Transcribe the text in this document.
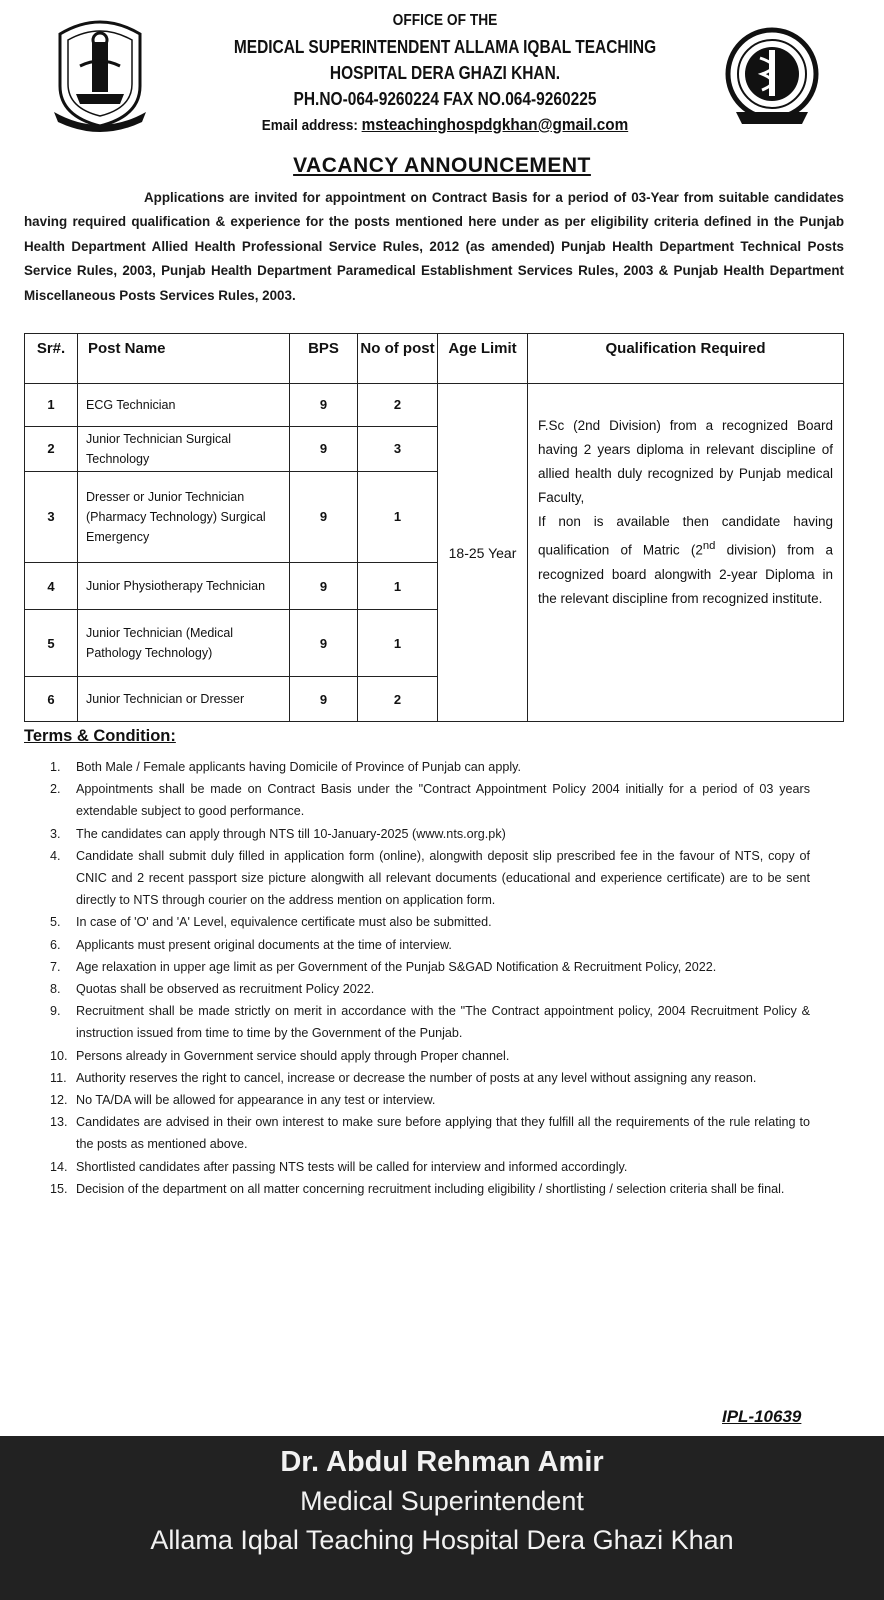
OFFICE OF THE
MEDICAL SUPERINTENDENT ALLAMA IQBAL TEACHING
HOSPITAL DERA GHAZI KHAN.
PH.NO-064-9260224 FAX NO.064-9260225
Email address: msteachinghospdgkhan@gmail.com
VACANCY ANNOUNCEMENT
Applications are invited for appointment on Contract Basis for a period of 03-Year from suitable candidates having required qualification & experience for the posts mentioned here under as per eligibility criteria defined in the Punjab Health Department Allied Health Professional Service Rules, 2012 (as amended) Punjab Health Department Technical Posts Service Rules, 2003, Punjab Health Department Paramedical Establishment Services Rules, 2003 & Punjab Health Department Miscellaneous Posts Services Rules, 2003.
Sr#.	Post Name	BPS	No of post	Age Limit	Qualification Required
1	ECG Technician	9	2	18-25 Year	F.Sc (2nd Division) from a recognized Board having 2 years diploma in relevant discipline of allied health duly recognized by Punjab medical Faculty,
If non is available then candidate having qualification of Matric (2nd division) from a recognized board alongwith 2-year Diploma in the relevant discipline from recognized institute.

2	Junior Technician Surgical Technology	9	3		
3	Dresser or Junior Technician (Pharmacy Technology) Surgical Emergency	9	1		
4	Junior Physiotherapy Technician	9	1		
5	Junior Technician (Medical Pathology Technology)	9	1		
6	Junior Technician or Dresser	9	2		
Terms & Condition:
1.	Both Male / Female applicants having Domicile of Province of Punjab can apply.
2.	Appointments shall be made on Contract Basis under the "Contract Appointment Policy 2004 initially for a period of 03 years extendable subject to good performance.
3.	The candidates can apply through NTS till 10-January-2025 (www.nts.org.pk)
4.	Candidate shall submit duly filled in application form (online), alongwith deposit slip prescribed fee in the favour of NTS, copy of CNIC and 2 recent passport size picture alongwith all relevant documents (educational and experience certificate) are to be sent directly to NTS through courier on the address mention on application form.
5.	In case of 'O' and 'A' Level, equivalence certificate must also be submitted.
6.	Applicants must present original documents at the time of interview.
7.	Age relaxation in upper age limit as per Government of the Punjab S&GAD Notification & Recruitment Policy, 2022.
8.	Quotas shall be observed as recruitment Policy 2022.
9.	Recruitment shall be made strictly on merit in accordance with the "The Contract appointment policy, 2004 Recruitment Policy & instruction issued from time to time by the Government of the Punjab.
10. Persons already in Government service should apply through Proper channel.
11. Authority reserves the right to cancel, increase or decrease the number of posts at any level without assigning any reason.
12. No TA/DA will be allowed for appearance in any test or interview.
13. Candidates are advised in their own interest to make sure before applying that they fulfill all the requirements of the rule relating to the posts as mentioned above.
14. Shortlisted candidates after passing NTS tests will be called for interview and informed accordingly.
15. Decision of the department on all matter concerning recruitment including eligibility / shortlisting / selection criteria shall be final.
IPL-10639
Dr. Abdul Rehman Amir
Medical Superintendent
Allama Iqbal Teaching Hospital Dera Ghazi Khan
